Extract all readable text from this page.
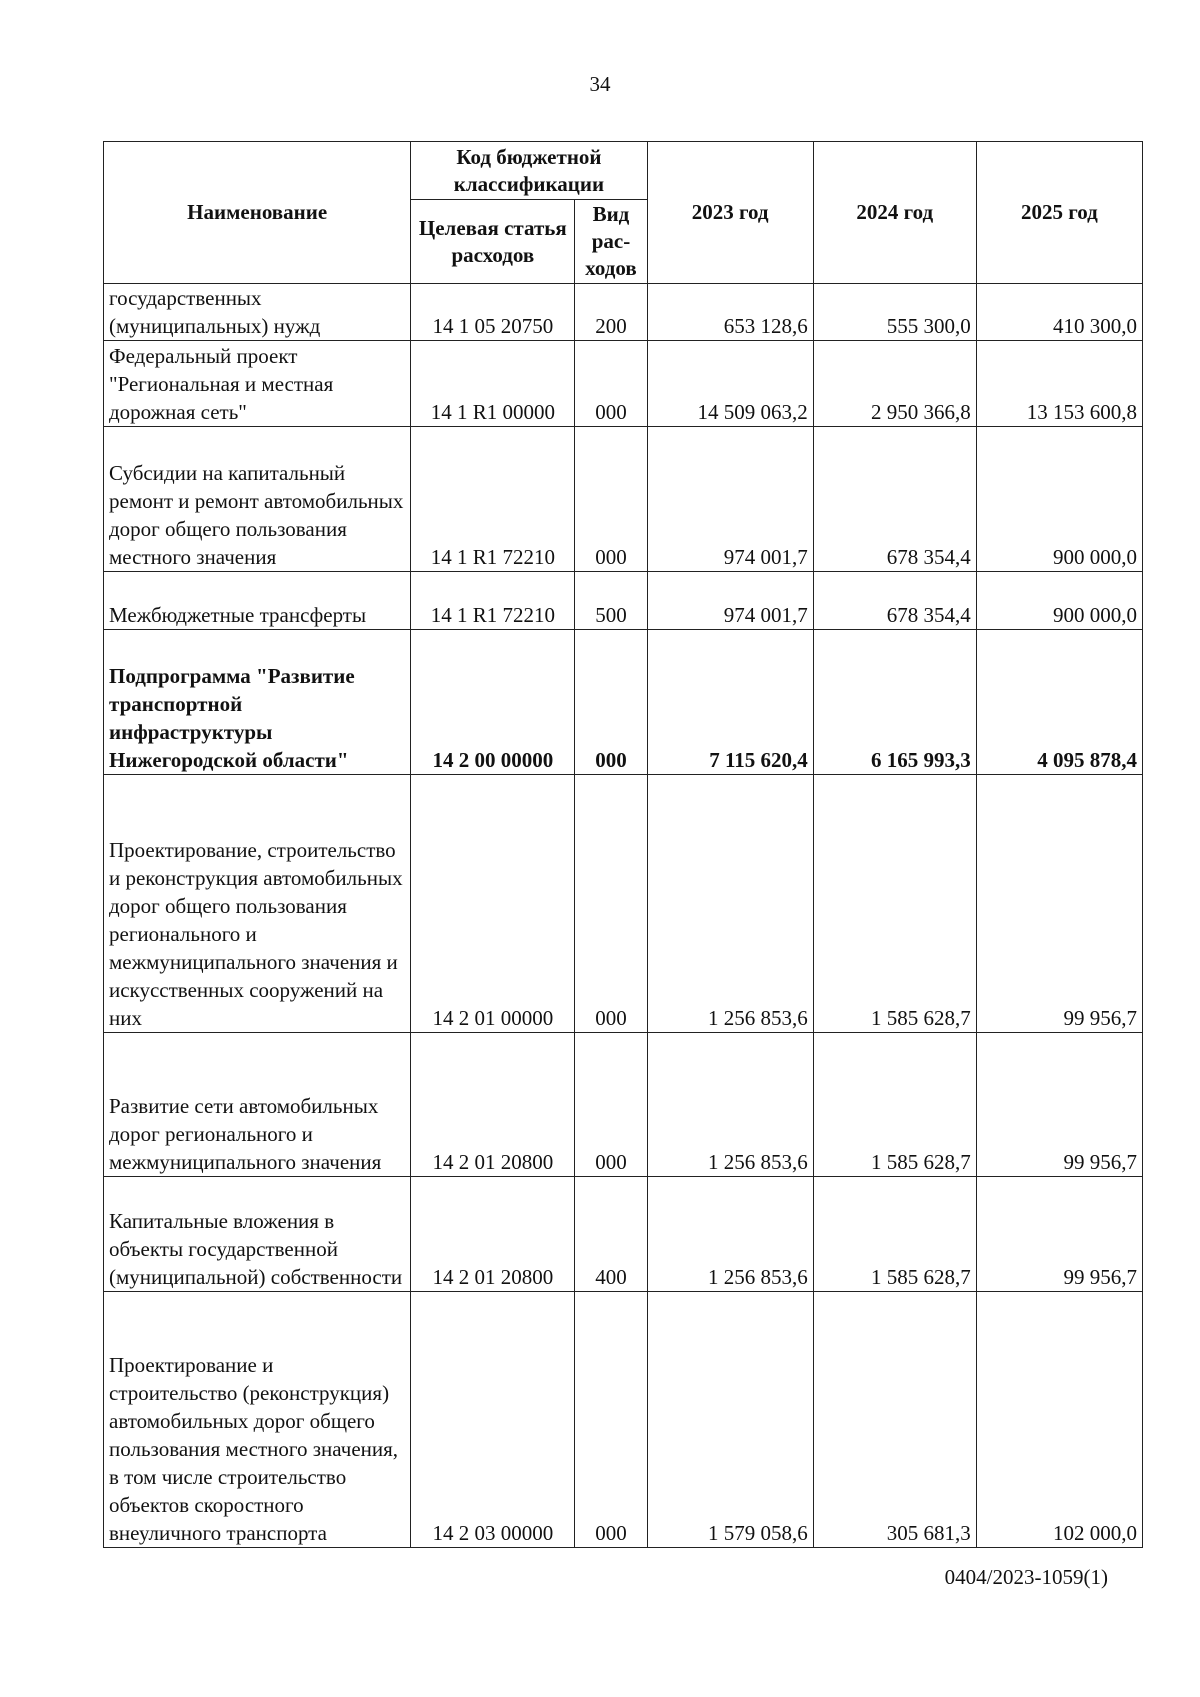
34
Наименование	Код бюджетной классификации		2023 год	2024 год	2025 год
	Целевая статья расходов	Вид рас-ходов			
государственных (муниципальных) нужд	14 1 05 20750	200	653 128,6	555 300,0	410 300,0
Федеральный проект "Региональная и местная дорожная сеть"	14 1 R1 00000	000	14 509 063,2	2 950 366,8	13 153 600,8
Субсидии на капитальный ремонт и ремонт автомобильных дорог общего пользования местного значения	14 1 R1 72210	000	974 001,7	678 354,4	900 000,0
Межбюджетные трансферты	14 1 R1 72210	500	974 001,7	678 354,4	900 000,0
Подпрограмма "Развитие транспортной инфраструктуры Нижегородской области"	14 2 00 00000	000	7 115 620,4	6 165 993,3	4 095 878,4
Проектирование, строительство и реконструкция автомобильных дорог общего пользования регионального и межмуниципального значения и искусственных сооружений на них	14 2 01 00000	000	1 256 853,6	1 585 628,7	99 956,7
Развитие сети автомобильных дорог регионального и межмуниципального значения	14 2 01 20800	000	1 256 853,6	1 585 628,7	99 956,7
Капитальные вложения в объекты государственной (муниципальной) собственности	14 2 01 20800	400	1 256 853,6	1 585 628,7	99 956,7
Проектирование и строительство (реконструкция) автомобильных дорог общего пользования местного значения, в том числе строительство объектов скоростного внеуличного транспорта	14 2 03 00000	000	1 579 058,6	305 681,3	102 000,0
0404/2023-1059(1)
